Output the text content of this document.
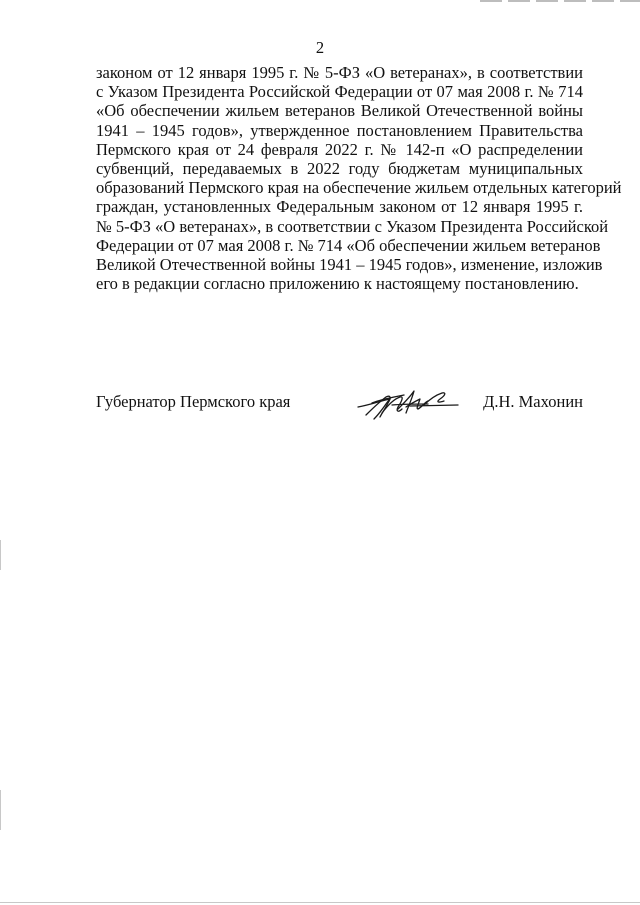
2
законом от 12 января 1995 г. № 5-ФЗ «О ветеранах», в соответствии
с Указом Президента Российской Федерации от 07 мая 2008 г. № 714
«Об обеспечении жильем ветеранов Великой Отечественной войны
1941 – 1945 годов», утвержденное постановлением Правительства
Пермского края от 24 февраля 2022 г. № 142-п «О распределении
субвенций, передаваемых в 2022 году бюджетам муниципальных
образований Пермского края на обеспечение жильем отдельных категорий
граждан, установленных Федеральным законом от 12 января 1995 г.
№ 5-ФЗ «О ветеранах», в соответствии с Указом Президента Российской
Федерации от 07 мая 2008 г. № 714 «Об обеспечении жильем ветеранов
Великой Отечественной войны 1941 – 1945 годов», изменение, изложив
его в редакции согласно приложению к настоящему постановлению.
Губернатор Пермского края	Д.Н. Махонин
